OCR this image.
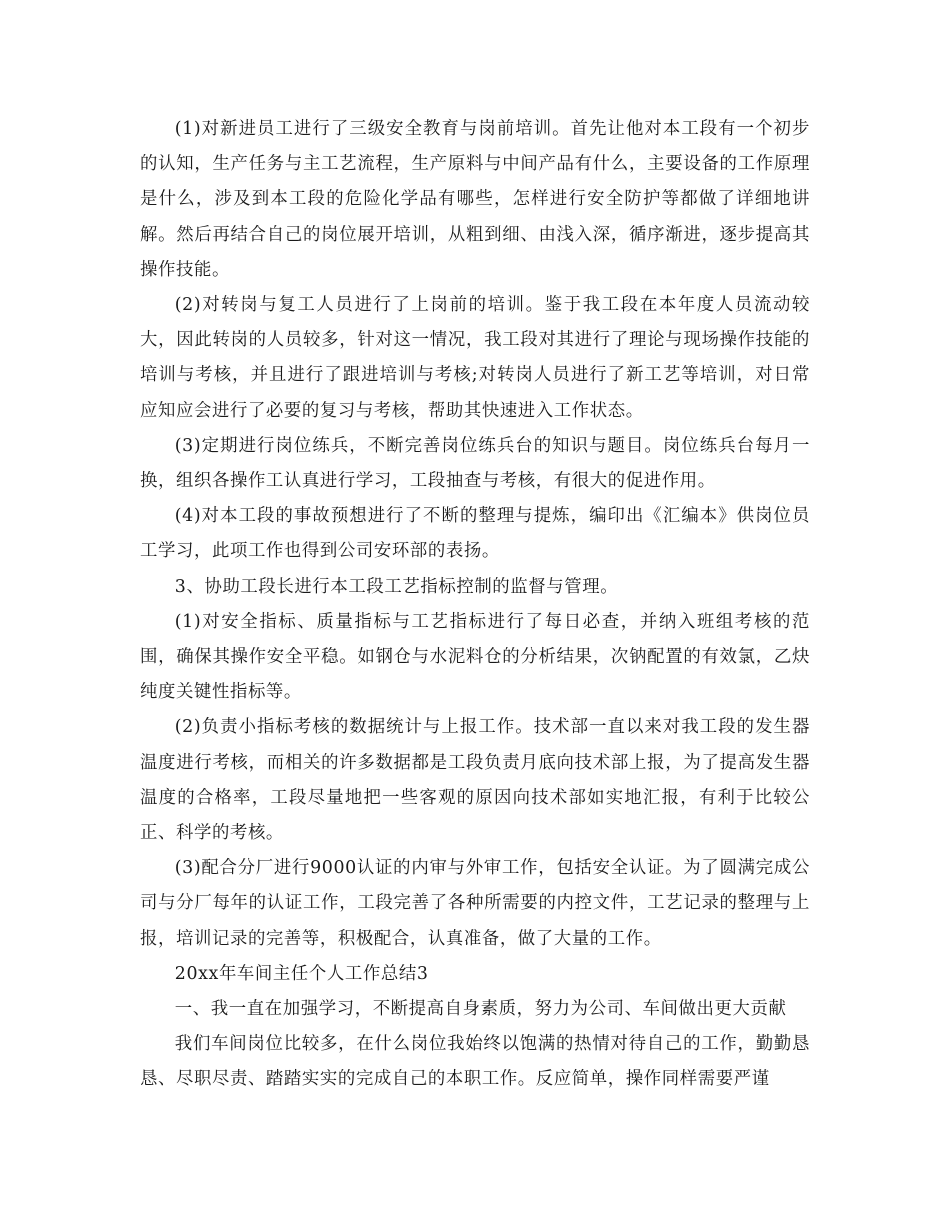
(1)对新进员工进行了三级安全教育与岗前培训。首先让他对本工段有一个初步的认知，生产任务与主工艺流程，生产原料与中间产品有什么，主要设备的工作原理是什么，涉及到本工段的危险化学品有哪些，怎样进行安全防护等都做了详细地讲解。然后再结合自己的岗位展开培训，从粗到细、由浅入深，循序渐进，逐步提高其操作技能。

(2)对转岗与复工人员进行了上岗前的培训。鉴于我工段在本年度人员流动较大，因此转岗的人员较多，针对这一情况，我工段对其进行了理论与现场操作技能的培训与考核，并且进行了跟进培训与考核;对转岗人员进行了新工艺等培训，对日常应知应会进行了必要的复习与考核，帮助其快速进入工作状态。

(3)定期进行岗位练兵，不断完善岗位练兵台的知识与题目。岗位练兵台每月一换，组织各操作工认真进行学习，工段抽查与考核，有很大的促进作用。

(4)对本工段的事故预想进行了不断的整理与提炼，编印出《汇编本》供岗位员工学习，此项工作也得到公司安环部的表扬。

3、协助工段长进行本工段工艺指标控制的监督与管理。

(1)对安全指标、质量指标与工艺指标进行了每日必查，并纳入班组考核的范围，确保其操作安全平稳。如钢仓与水泥料仓的分析结果，次钠配置的有效氯，乙炔纯度关键性指标等。

(2)负责小指标考核的数据统计与上报工作。技术部一直以来对我工段的发生器温度进行考核，而相关的许多数据都是工段负责月底向技术部上报，为了提高发生器温度的合格率，工段尽量地把一些客观的原因向技术部如实地汇报，有利于比较公正、科学的考核。

(3)配合分厂进行9000认证的内审与外审工作，包括安全认证。为了圆满完成公司与分厂每年的认证工作，工段完善了各种所需要的内控文件，工艺记录的整理与上报，培训记录的完善等，积极配合，认真准备，做了大量的工作。

20xx年车间主任个人工作总结3

一、我一直在加强学习，不断提高自身素质，努力为公司、车间做出更大贡献

我们车间岗位比较多，在什么岗位我始终以饱满的热情对待自己的工作，勤勤恳恳、尽职尽责、踏踏实实的完成自己的本职工作。反应简单，操作同样需要严谨
